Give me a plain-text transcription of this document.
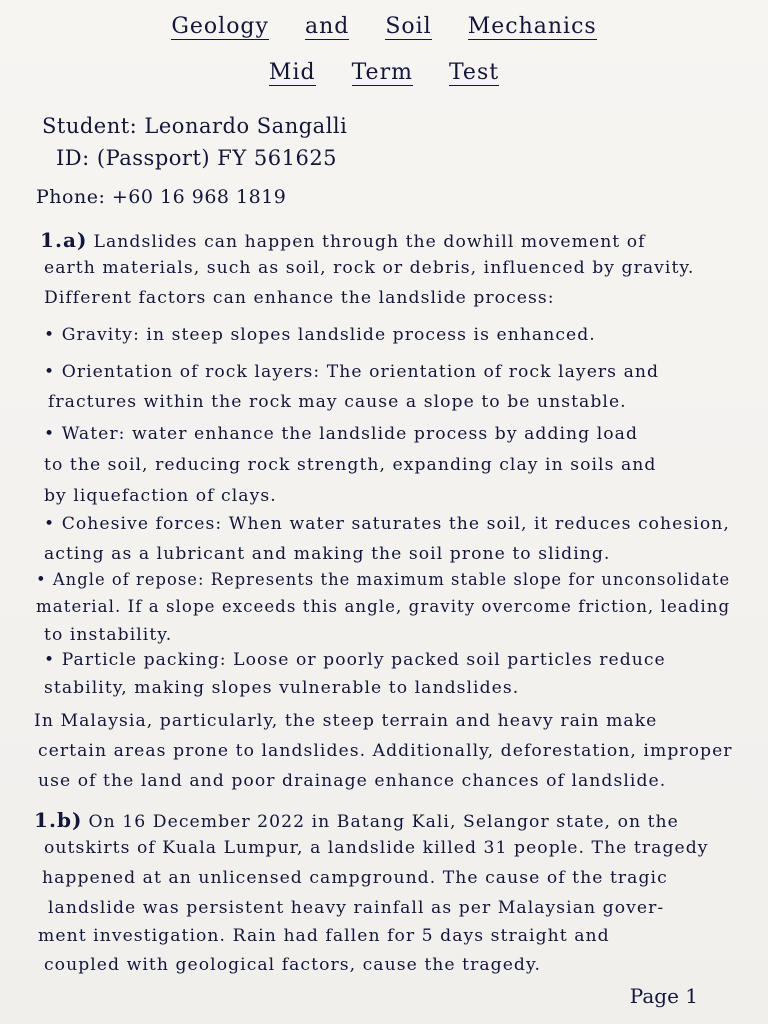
Geology and Soil Mechanics
Mid Term Test
Student: Leonardo Sangalli
ID: (Passport) FY 561625
Phone: +60 16 968 1819
1.a) Landslides can happen through the dowhill movement of
earth materials, such as soil, rock or debris, influenced by gravity.
Different factors can enhance the landslide process:
• Gravity: in steep slopes landslide process is enhanced.
• Orientation of rock layers: The orientation of rock layers and
fractures within the rock may cause a slope to be unstable.
• Water: water enhance the landslide process by adding load
to the soil, reducing rock strength, expanding clay in soils and
by liquefaction of clays.
• Cohesive forces: When water saturates the soil, it reduces cohesion,
acting as a lubricant and making the soil prone to sliding.
• Angle of repose: Represents the maximum stable slope for unconsolidate
material. If a slope exceeds this angle, gravity overcome friction, leading
to instability.
• Particle packing: Loose or poorly packed soil particles reduce
stability, making slopes vulnerable to landslides.
In Malaysia, particularly, the steep terrain and heavy rain make
certain areas prone to landslides. Additionally, deforestation, improper
use of the land and poor drainage enhance chances of landslide.
1.b) On 16 December 2022 in Batang Kali, Selangor state, on the
outskirts of Kuala Lumpur, a landslide killed 31 people. The tragedy
happened at an unlicensed campground. The cause of the tragic
landslide was persistent heavy rainfall as per Malaysian gover-
ment investigation. Rain had fallen for 5 days straight and
coupled with geological factors, cause the tragedy.
Page 1
